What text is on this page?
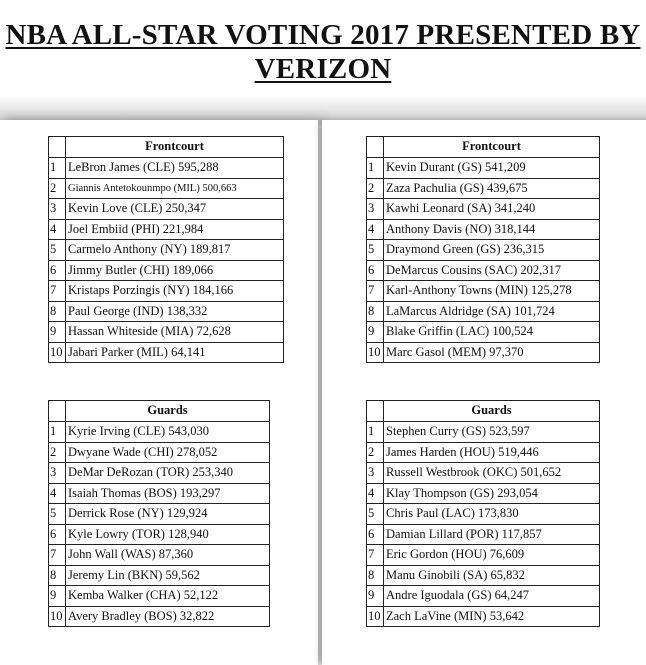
NBA ALL-STAR VOTING 2017 PRESENTED BY
VERIZON
	Frontcourt
1	LeBron James (CLE) 595,288
2	Giannis Antetokounmpo (MIL) 500,663
3	Kevin Love (CLE) 250,347
4	Joel Embiid (PHI) 221,984
5	Carmelo Anthony (NY) 189,817
6	Jimmy Butler (CHI) 189,066
7	Kristaps Porzingis (NY) 184,166
8	Paul George (IND) 138,332
9	Hassan Whiteside (MIA) 72,628
10	Jabari Parker (MIL) 64,141
	Guards
1	Kyrie Irving (CLE) 543,030
2	Dwyane Wade (CHI) 278,052
3	DeMar DeRozan (TOR) 253,340
4	Isaiah Thomas (BOS) 193,297
5	Derrick Rose (NY) 129,924
6	Kyle Lowry (TOR) 128,940
7	John Wall (WAS) 87,360
8	Jeremy Lin (BKN) 59,562
9	Kemba Walker (CHA) 52,122
10	Avery Bradley (BOS) 32,822
	Frontcourt
1	Kevin Durant (GS) 541,209
2	Zaza Pachulia (GS) 439,675
3	Kawhi Leonard (SA) 341,240
4	Anthony Davis (NO) 318,144
5	Draymond Green (GS) 236,315
6	DeMarcus Cousins (SAC) 202,317
7	Karl-Anthony Towns (MIN) 125,278
8	LaMarcus Aldridge (SA) 101,724
9	Blake Griffin (LAC) 100,524
10	Marc Gasol (MEM) 97,370
	Guards
1	Stephen Curry (GS) 523,597
2	James Harden (HOU) 519,446
3	Russell Westbrook (OKC) 501,652
4	Klay Thompson (GS) 293,054
5	Chris Paul (LAC) 173,830
6	Damian Lillard (POR) 117,857
7	Eric Gordon (HOU) 76,609
8	Manu Ginobili (SA) 65,832
9	Andre Iguodala (GS) 64,247
10	Zach LaVine (MIN) 53,642
